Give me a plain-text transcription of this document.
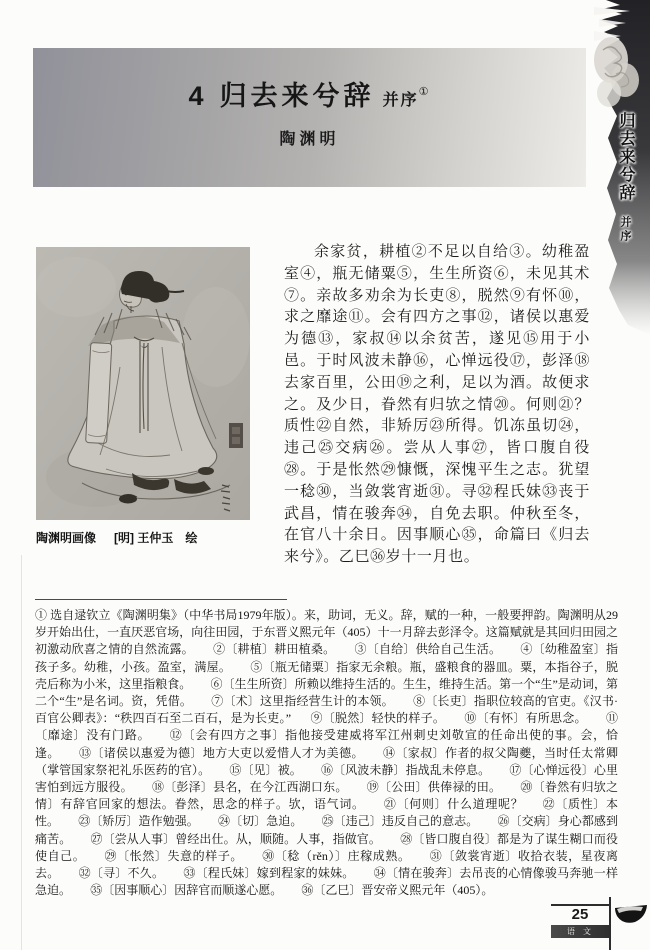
4 归去来兮辞 并序①
陶渊明	归去来兮辞
并序
陶渊明画像 [明] 王仲玉　绘
余家贫，耕植②不足以自给③。幼稚盈室④，瓶无储粟⑤，生生所资⑥，未见其术⑦。亲故多劝余为长吏⑧，脱然⑨有怀⑩，求之靡途⑪。会有四方之事⑫，诸侯以惠爱为德⑬，家叔⑭以余贫苦，遂见⑮用于小邑。于时风波未静⑯，心惮远役⑰，彭泽⑱去家百里，公田⑲之利，足以为酒。故便求之。及少日，眷然有归欤之情⑳。何则㉑？质性㉒自然，非矫厉㉓所得。饥冻虽切㉔，违己㉕交病㉖。尝从人事㉗，皆口腹自役㉘。于是怅然㉙慷慨，深愧平生之志。犹望一稔㉚，当敛裳宵逝㉛。寻㉜程氏妹㉝丧于武昌，情在骏奔㉞，自免去职。仲秋至冬，在官八十余日。因事顺心㉟，命篇曰《归去来兮》。乙巳㊱岁十一月也。
① 选自逯钦立《陶渊明集》（中华书局1979年版）。来，助词，无义。辞，赋的一种，一般要押韵。陶渊明从29岁开始出仕，一直厌恶官场，向往田园，于东晋义熙元年（405）十一月辞去彭泽令。这篇赋就是其回归田园之初激动欣喜之情的自然流露。 ②〔耕植〕耕田植桑。 ③〔自给〕供给自己生活。 ④〔幼稚盈室〕指孩子多。幼稚，小孩。盈室，满屋。 ⑤〔瓶无储粟〕指家无余粮。瓶，盛粮食的器皿。粟，本指谷子，脱壳后称为小米，这里指粮食。 ⑥〔生生所资〕所赖以维持生活的。生生，维持生活。第一个“生”是动词，第二个“生”是名词。资，凭借。 ⑦〔术〕这里指经营生计的本领。 ⑧〔长吏〕指职位较高的官吏。《汉书·百官公卿表》：“秩四百石至二百石，是为长吏。” ⑨〔脱然〕轻快的样子。 ⑩〔有怀〕有所思念。 ⑪〔靡途〕没有门路。 ⑫〔会有四方之事〕指他接受建威将军江州刺史刘敬宣的任命出使的事。会，恰逢。 ⑬〔诸侯以惠爱为德〕地方大吏以爱惜人才为美德。 ⑭〔家叔〕作者的叔父陶夔，当时任太常卿（掌管国家祭祀礼乐医药的官）。 ⑮〔见〕被。 ⑯〔风波未静〕指战乱未停息。 ⑰〔心惮远役〕心里害怕到远方服役。 ⑱〔彭泽〕县名，在今江西湖口东。 ⑲〔公田〕供俸禄的田。 ⑳〔眷然有归欤之情〕有辞官回家的想法。眷然，思念的样子。欤，语气词。 ㉑〔何则〕什么道理呢？ ㉒〔质性〕本性。 ㉓〔矫厉〕造作勉强。 ㉔〔切〕急迫。 ㉕〔违己〕违反自己的意志。 ㉖〔交病〕身心都感到痛苦。 ㉗〔尝从人事〕曾经出仕。从，顺随。人事，指做官。 ㉘〔皆口腹自役〕都是为了谋生糊口而役使自己。 ㉙〔怅然〕失意的样子。 ㉚〔稔（rěn）〕庄稼成熟。 ㉛〔敛裳宵逝〕收拾衣装，星夜离去。 ㉜〔寻〕不久。 ㉝〔程氏妹〕嫁到程家的妹妹。 ㉞〔情在骏奔〕去吊丧的心情像骏马奔驰一样急迫。 ㉟〔因事顺心〕因辞官而顺遂心愿。 ㊱〔乙巳〕晋安帝义熙元年（405）。
25
语文
